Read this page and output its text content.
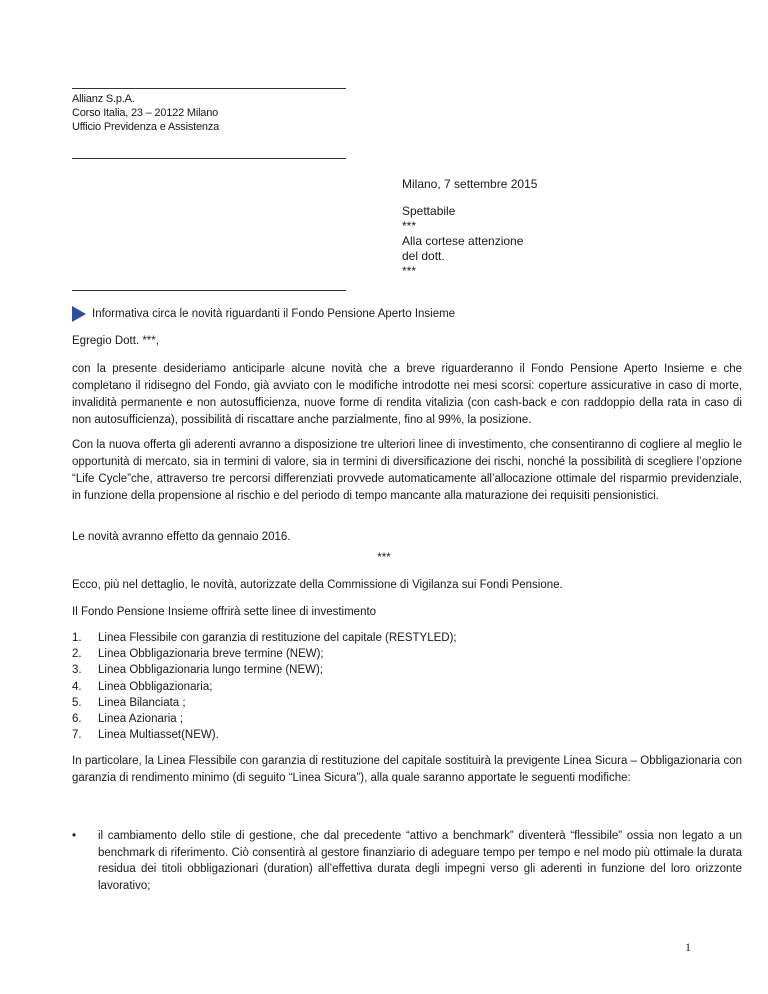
Allianz S.p.A.
Corso Italia, 23 – 20122 Milano
Ufficio Previdenza e Assistenza
Milano, 7 settembre 2015
Spettabile
***
Alla cortese attenzione
del dott.
***
Informativa circa le novità riguardanti il Fondo Pensione Aperto Insieme
Egregio Dott. ***,
con la presente desideriamo anticiparle alcune novità che a breve riguarderanno il Fondo Pensione Aperto Insieme e che completano il ridisegno del Fondo, già avviato con le modifiche introdotte nei mesi scorsi: coperture assicurative in caso di morte, invalidità permanente e non autosufficienza, nuove forme di rendita vitalizia (con cash-back e con raddoppio della rata in caso di non autosufficienza), possibilità di riscattare anche parzialmente, fino al 99%, la posizione.
Con la nuova offerta gli aderenti avranno a disposizione tre ulteriori linee di investimento, che consentiranno di cogliere al meglio le opportunità di mercato, sia in termini di valore, sia in termini di diversificazione dei rischi, nonché la possibilità di scegliere l’opzione “Life Cycle”che, attraverso tre percorsi differenziati provvede automaticamente all’allocazione ottimale del risparmio previdenziale, in funzione della propensione al rischio e del periodo di tempo mancante alla maturazione dei requisiti pensionistici.
Le novità avranno effetto da gennaio 2016.
***
Ecco, più nel dettaglio, le novità, autorizzate della Commissione di Vigilanza sui Fondi Pensione.
Il Fondo Pensione Insieme offrirà sette linee di investimento
1.	Linea Flessibile con garanzia di restituzione del capitale (RESTYLED);
2.	Linea Obbligazionaria breve termine (NEW);
3.	Linea Obbligazionaria lungo termine (NEW);
4.	Linea Obbligazionaria;
5.	Linea Bilanciata ;
6.	Linea Azionaria ;
7.	Linea Multiasset(NEW).
In particolare, la Linea Flessibile con garanzia di restituzione del capitale sostituirà la previgente Linea Sicura – Obbligazionaria con garanzia di rendimento minimo (di seguito “Linea Sicura”), alla quale saranno apportate le seguenti modifiche:
•	il cambiamento dello stile di gestione, che dal precedente “attivo a benchmark” diventerà “flessibile” ossia non legato a un benchmark di riferimento. Ciò consentirà al gestore finanziario di adeguare tempo per tempo e nel modo più ottimale la durata residua dei titoli obbligazionari (duration) all’effettiva durata degli impegni verso gli aderenti in funzione del loro orizzonte lavorativo;
1
